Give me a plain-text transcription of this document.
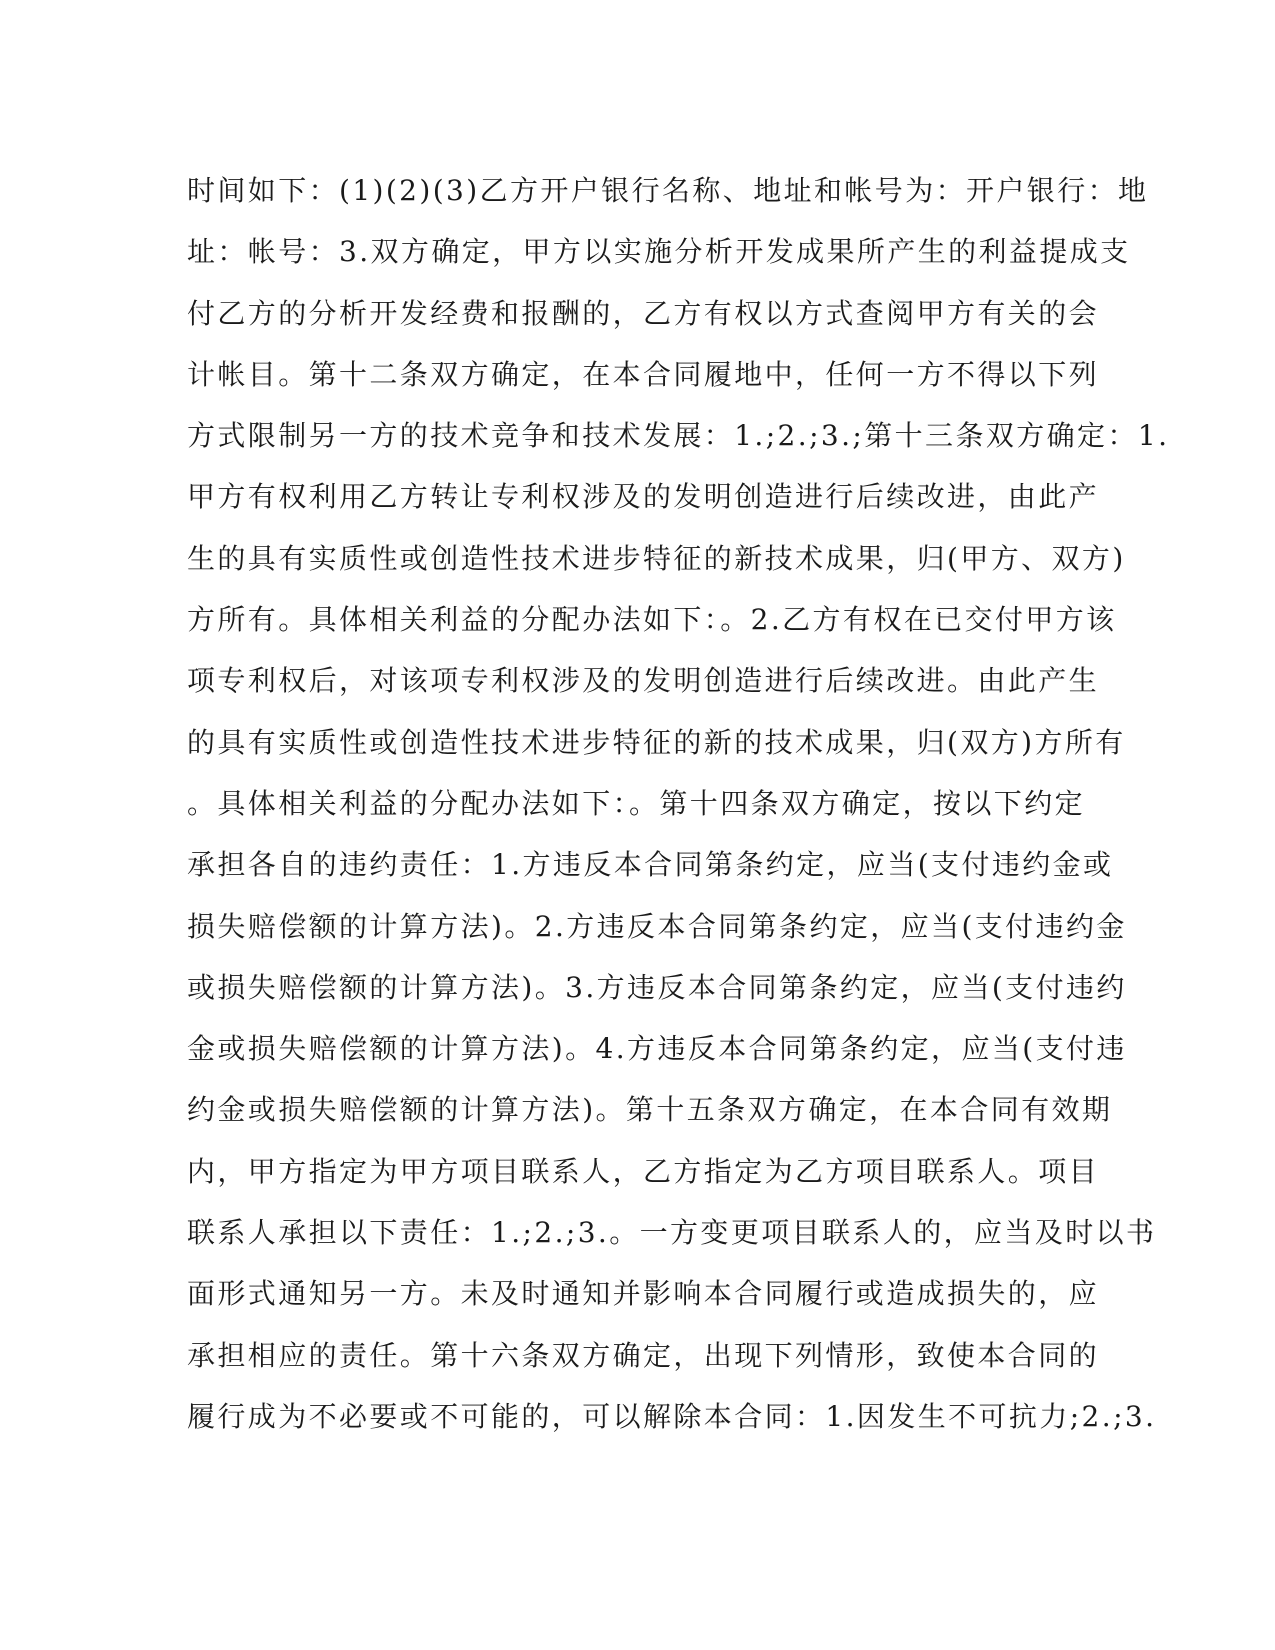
时间如下：(1)(2)(3)乙方开户银行名称、地址和帐号为：开户银行：地
址：帐号：3.双方确定，甲方以实施分析开发成果所产生的利益提成支
付乙方的分析开发经费和报酬的，乙方有权以方式查阅甲方有关的会
计帐目。第十二条双方确定，在本合同履地中，任何一方不得以下列
方式限制另一方的技术竞争和技术发展：1.;2.;3.;第十三条双方确定：1.
甲方有权利用乙方转让专利权涉及的发明创造进行后续改进，由此产
生的具有实质性或创造性技术进步特征的新技术成果，归(甲方、双方)
方所有。具体相关利益的分配办法如下：。2.乙方有权在已交付甲方该
项专利权后，对该项专利权涉及的发明创造进行后续改进。由此产生
的具有实质性或创造性技术进步特征的新的技术成果，归(双方)方所有
。具体相关利益的分配办法如下：。第十四条双方确定，按以下约定
承担各自的违约责任：1.方违反本合同第条约定，应当(支付违约金或
损失赔偿额的计算方法)。2.方违反本合同第条约定，应当(支付违约金
或损失赔偿额的计算方法)。3.方违反本合同第条约定，应当(支付违约
金或损失赔偿额的计算方法)。4.方违反本合同第条约定，应当(支付违
约金或损失赔偿额的计算方法)。第十五条双方确定，在本合同有效期
内，甲方指定为甲方项目联系人，乙方指定为乙方项目联系人。项目
联系人承担以下责任：1.;2.;3.。一方变更项目联系人的，应当及时以书
面形式通知另一方。未及时通知并影响本合同履行或造成损失的，应
承担相应的责任。第十六条双方确定，出现下列情形，致使本合同的
履行成为不必要或不可能的，可以解除本合同：1.因发生不可抗力;2.;3.
